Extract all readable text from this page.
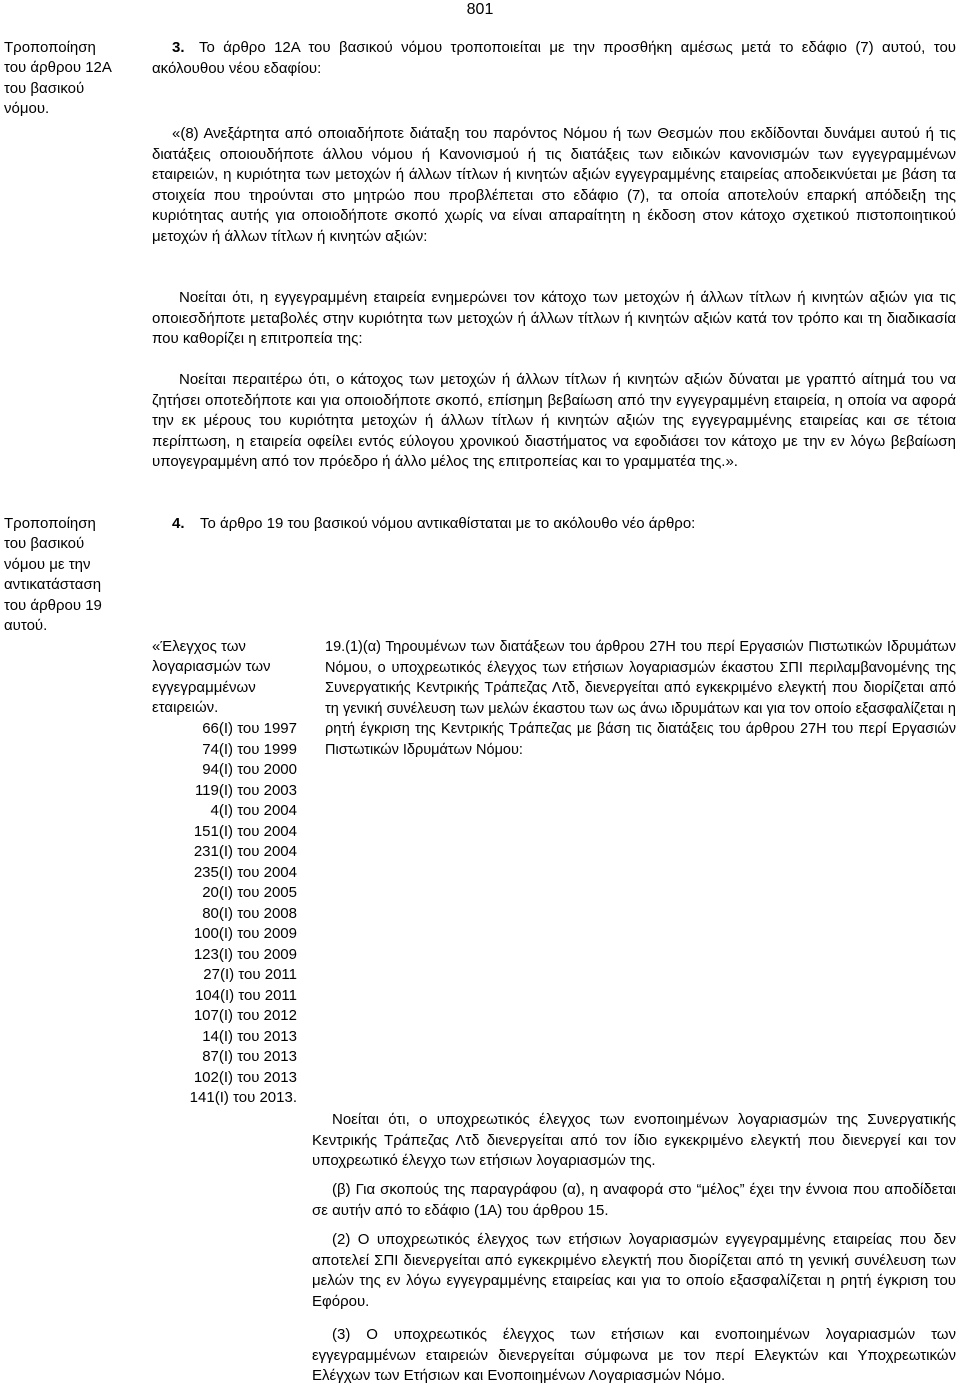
801
Τροποποίηση
του άρθρου 12Α
του βασικού
νόμου.
3. Το άρθρο 12Α του βασικού νόμου τροποποιείται με την προσθήκη αμέσως μετά το εδάφιο (7) αυτού, του ακόλουθου νέου εδαφίου:

«(8) Ανεξάρτητα από οποιαδήποτε διάταξη του παρόντος Νόμου ή των Θεσμών που εκδίδονται δυνάμει αυτού ή τις διατάξεις οποιουδήποτε άλλου νόμου ή Κανονισμού ή τις διατάξεις των ειδικών κανονισμών των εγγεγραμμένων εταιρειών, η κυριότητα των μετοχών ή άλλων τίτλων ή κινητών αξιών εγγεγραμμένης εταιρείας αποδεικνύεται με βάση τα στοιχεία που τηρούνται στο μητρώο που προβλέπεται στο εδάφιο (7), τα οποία αποτελούν επαρκή απόδειξη της κυριότητας αυτής για οποιοδήποτε σκοπό χωρίς να είναι απαραίτητη η έκδοση στον κάτοχο σχετικού πιστοποιητικού μετοχών ή άλλων τίτλων ή κινητών αξιών:

Νοείται ότι, η εγγεγραμμένη εταιρεία ενημερώνει τον κάτοχο των μετοχών ή άλλων τίτλων ή κινητών αξιών για τις οποιεσδήποτε μεταβολές στην κυριότητα των μετοχών ή άλλων τίτλων ή κινητών αξιών κατά τον τρόπο και τη διαδικασία που καθορίζει η επιτροπεία της:

Νοείται περαιτέρω ότι, ο κάτοχος των μετοχών ή άλλων τίτλων ή κινητών αξιών δύναται με γραπτό αίτημά του να ζητήσει οποτεδήποτε και για οποιοδήποτε σκοπό, επίσημη βεβαίωση από την εγγεγραμμένη εταιρεία, η οποία να αφορά την εκ μέρους του κυριότητα μετοχών ή άλλων τίτλων ή κινητών αξιών της εγγεγραμμένης εταιρείας και σε τέτοια περίπτωση, η εταιρεία οφείλει εντός εύλογου χρονικού διαστήματος να εφοδιάσει τον κάτοχο με την εν λόγω βεβαίωση υπογεγραμμένη από τον πρόεδρο ή άλλο μέλος της επιτροπείας και το γραμματέα της.».

Τροποποίηση
του βασικού
νόμου με την
αντικατάσταση
του άρθρου 19
αυτού.
4. Το άρθρο 19 του βασικού νόμου αντικαθίσταται με το ακόλουθο νέο άρθρο:

«Έλεγχος των
λογαριασμών των
εγγεγραμμένων
εταιρειών.
66(Ι) του 1997
74(Ι) του 1999
94(Ι) του 2000
119(Ι) του 2003
4(Ι) του 2004
151(Ι) του 2004
231(Ι) του 2004
235(Ι) του 2004
20(Ι) του 2005
80(Ι) του 2008
100(Ι) του 2009
123(Ι) του 2009
27(Ι) του 2011
104(Ι) του 2011
107(Ι) του 2012
14(Ι) του 2013
87(Ι) του 2013
102(Ι) του 2013
141(Ι) του 2013.

19.(1)(α) Τηρουμένων των διατάξεων του άρθρου 27Η του περί Εργασιών Πιστωτικών Ιδρυμάτων Νόμου, ο υποχρεωτικός έλεγχος των ετήσιων λογαριασμών έκαστου ΣΠΙ περιλαμβανομένης της Συνεργατικής Κεντρικής Τράπεζας Λτδ, διενεργείται από εγκεκριμένο ελεγκτή που διορίζεται από τη γενική συνέλευση των μελών έκαστου των ως άνω ιδρυμάτων και για τον οποίο εξασφαλίζεται η ρητή έγκριση της Κεντρικής Τράπεζας με βάση τις διατάξεις του άρθρου 27Η του περί Εργασιών Πιστωτικών Ιδρυμάτων Νόμου:

Νοείται ότι, ο υποχρεωτικός έλεγχος των ενοποιημένων λογαριασμών της Συνεργατικής Κεντρικής Τράπεζας Λτδ διενεργείται από τον ίδιο εγκεκριμένο ελεγκτή που διενεργεί και τον υποχρεωτικό έλεγχο των ετήσιων λογαριασμών της.

(β) Για σκοπούς της παραγράφου (α), η αναφορά στο “μέλος” έχει την έννοια που αποδίδεται σε αυτήν από το εδάφιο (1Α) του άρθρου 15.

(2) Ο υποχρεωτικός έλεγχος των ετήσιων λογαριασμών εγγεγραμμένης εταιρείας που δεν αποτελεί ΣΠΙ διενεργείται από εγκεκριμένο ελεγκτή που διορίζεται από τη γενική συνέλευση των μελών της εν λόγω εγγεγραμμένης εταιρείας και για το οποίο εξασφαλίζεται η ρητή έγκριση του Εφόρου.

(3) Ο υποχρεωτικός έλεγχος των ετήσιων και ενοποιημένων λογαριασμών των εγγεγραμμένων εταιρειών διενεργείται σύμφωνα με τον περί Ελεγκτών και Υποχρεωτικών Ελέγχων των Ετήσιων και Ενοποιημένων Λογαριασμών Νόμο.
